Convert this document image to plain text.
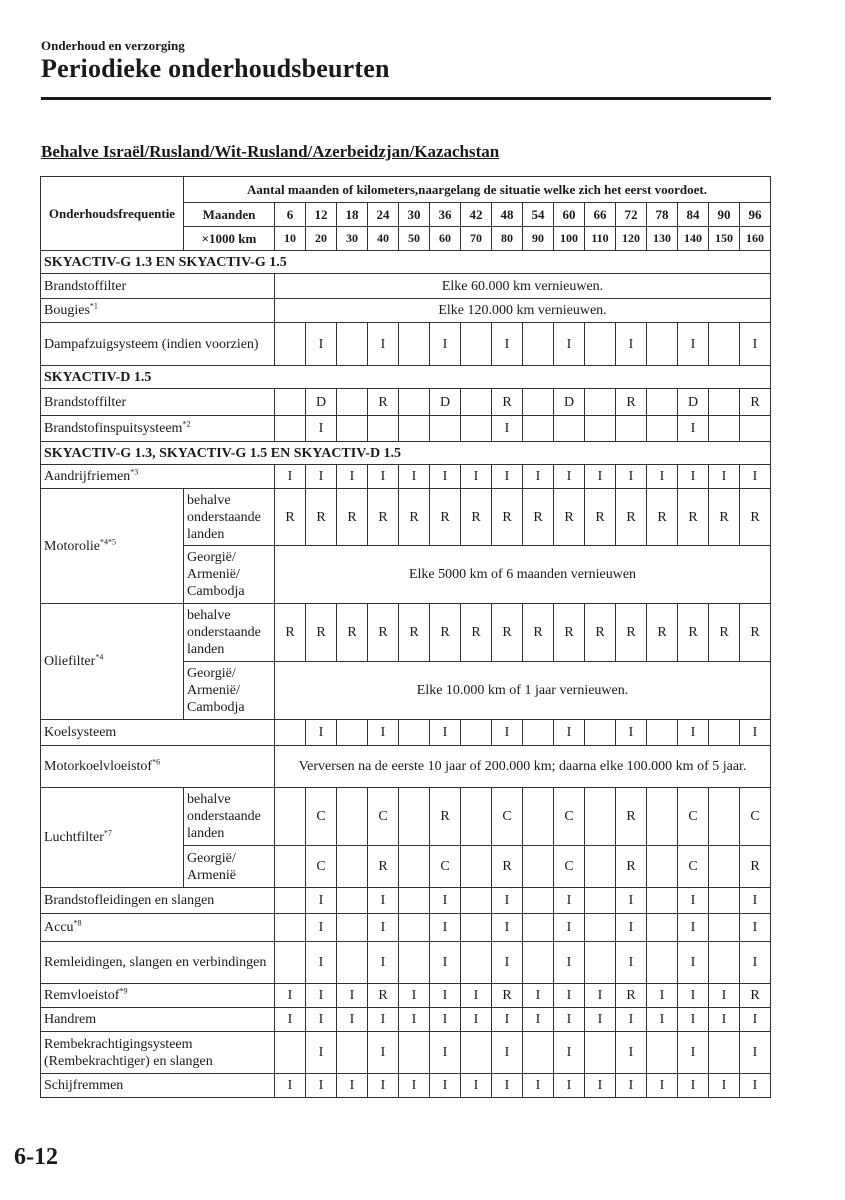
Onderhoud en verzorging
Periodieke onderhoudsbeurten
Behalve Israël/Rusland/Wit-Rusland/Azerbeidzjan/Kazachstan
Onderhoudsfrequentie	Aantal maanden of kilometers,naargelang de situatie welke zich het eerst voordoet.																
	Maanden	6	12	18	24	30	36	42	48	54	60	66	72	78	84	90	96
	×1000 km	10	20	30	40	50	60	70	80	90	100	110	120	130	140	150	160
SKYACTIV-G 1.3 EN SKYACTIV-G 1.5																	
Brandstoffilter		Elke 60.000 km vernieuwen.															
Bougies$^{*1}$		Elke 120.000 km vernieuwen.															
Dampafzuigsysteem (indien voorzien)			I		I		I		I		I		I		I		I
SKYACTIV-D 1.5																	
Brandstoffilter			D		R		D		R		D		R		D		R
Brandstofinspuitsysteem$^{*2}$			I						I						I		
SKYACTIV-G 1.3, SKYACTIV-G 1.5 EN SKYACTIV-D 1.5																	
Aandrijfriemen$^{*3}$		I	I	I	I	I	I	I	I	I	I	I	I	I	I	I	I
Motorolie$^{*4*5}$	behalve onderstaande landen	R	R	R	R	R	R	R	R	R	R	R	R	R	R	R	R
	Georgië/ Armenië/ Cambodja	Elke 5000 km of 6 maanden vernieuwen															
Oliefilter$^{*4}$	behalve onderstaande landen	R	R	R	R	R	R	R	R	R	R	R	R	R	R	R	R
	Georgië/ Armenië/ Cambodja	Elke 10.000 km of 1 jaar vernieuwen.															
Koelsysteem			I		I		I		I		I		I		I		I
Motorkoelvloeistof$^{*6}$		Verversen na de eerste 10 jaar of 200.000 km; daarna elke 100.000 km of 5 jaar.															
Luchtfilter$^{*7}$	behalve onderstaande landen		C		C		R		C		C		R		C		C
	Georgië/ Armenië		C		R		C		R		C		R		C		R
Brandstofleidingen en slangen			I		I		I		I		I		I		I		I
Accu$^{*8}$			I		I		I		I		I		I		I		I
Remleidingen, slangen en verbindingen			I		I		I		I		I		I		I		I
Remvloeistof$^{*9}$		I	I	I	R	I	I	I	R	I	I	I	R	I	I	I	R
Handrem		I	I	I	I	I	I	I	I	I	I	I	I	I	I	I	I
Rembekrachtigingsysteem (Rembekrachtiger) en slangen			I		I		I		I		I		I		I		I
Schijfremmen		I	I	I	I	I	I	I	I	I	I	I	I	I	I	I	I
6-12
